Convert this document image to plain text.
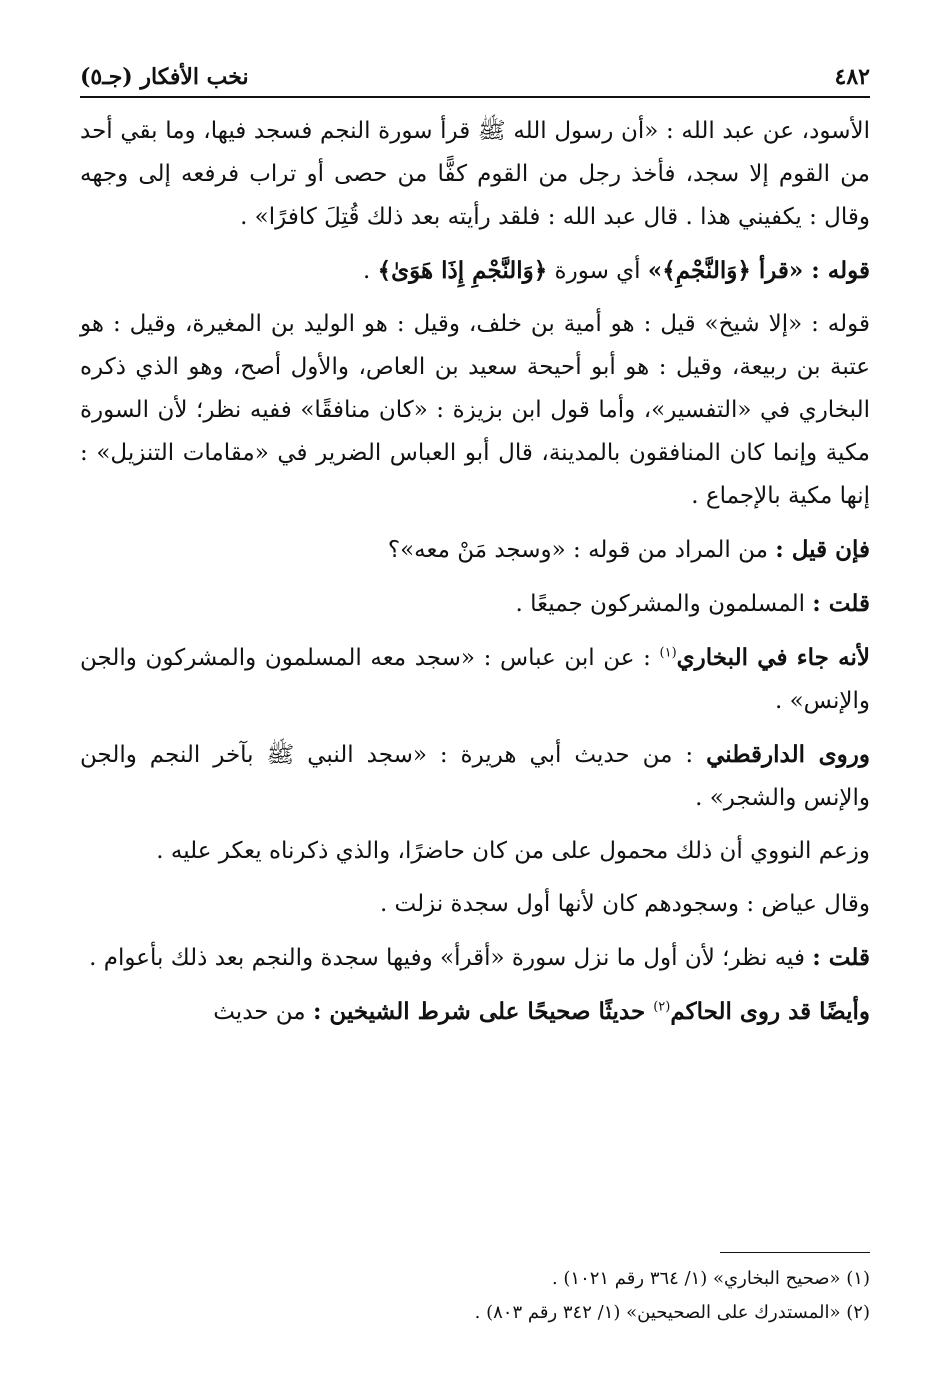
٤٨٢
نخب الأفكار (جـ٥)

الأسود، عن عبد الله : «أن رسول الله ﷺ قرأ سورة النجم فسجد فيها، وما بقي أحد من القوم إلا سجد، فأخذ رجل من القوم كفًّا من حصى أو تراب فرفعه إلى وجهه وقال : يكفيني هذا . قال عبد الله : فلقد رأيته بعد ذلك قُتِلَ كافرًا» .

قوله : «قرأ ﴿وَالنَّجْمِ﴾» أي سورة ﴿وَالنَّجْمِ إِذَا هَوَىٰ﴾ .

قوله : «إلا شيخ» قيل : هو أمية بن خلف، وقيل : هو الوليد بن المغيرة، وقيل : هو عتبة بن ربيعة، وقيل : هو أبو أحيحة سعيد بن العاص، والأول أصح، وهو الذي ذكره البخاري في «التفسير»، وأما قول ابن بزيزة : «كان منافقًا» ففيه نظر؛ لأن السورة مكية وإنما كان المنافقون بالمدينة، قال أبو العباس الضرير في «مقامات التنزيل» : إنها مكية بالإجماع .

فإن قيل : من المراد من قوله : «وسجد مَنْ معه»؟

قلت : المسلمون والمشركون جميعًا .

لأنه جاء في البخاري$^{(١)}$ : عن ابن عباس : «سجد معه المسلمون والمشركون والجن والإنس» .

وروى الدارقطني : من حديث أبي هريرة : «سجد النبي ﷺ بآخر النجم والجن والإنس والشجر» .

وزعم النووي أن ذلك محمول على من كان حاضرًا، والذي ذكرناه يعكر عليه .

وقال عياض : وسجودهم كان لأنها أول سجدة نزلت .

قلت : فيه نظر؛ لأن أول ما نزل سورة «أقرأ» وفيها سجدة والنجم بعد ذلك بأعوام .

وأيضًا قد روى الحاكم$^{(٢)}$ حديثًا صحيحًا على شرط الشيخين : من حديث

(١) «صحيح البخاري» (١/ ٣٦٤ رقم ١٠٢١) .

(٢) «المستدرك على الصحيحين» (١/ ٣٤٢ رقم ٨٠٣) .
